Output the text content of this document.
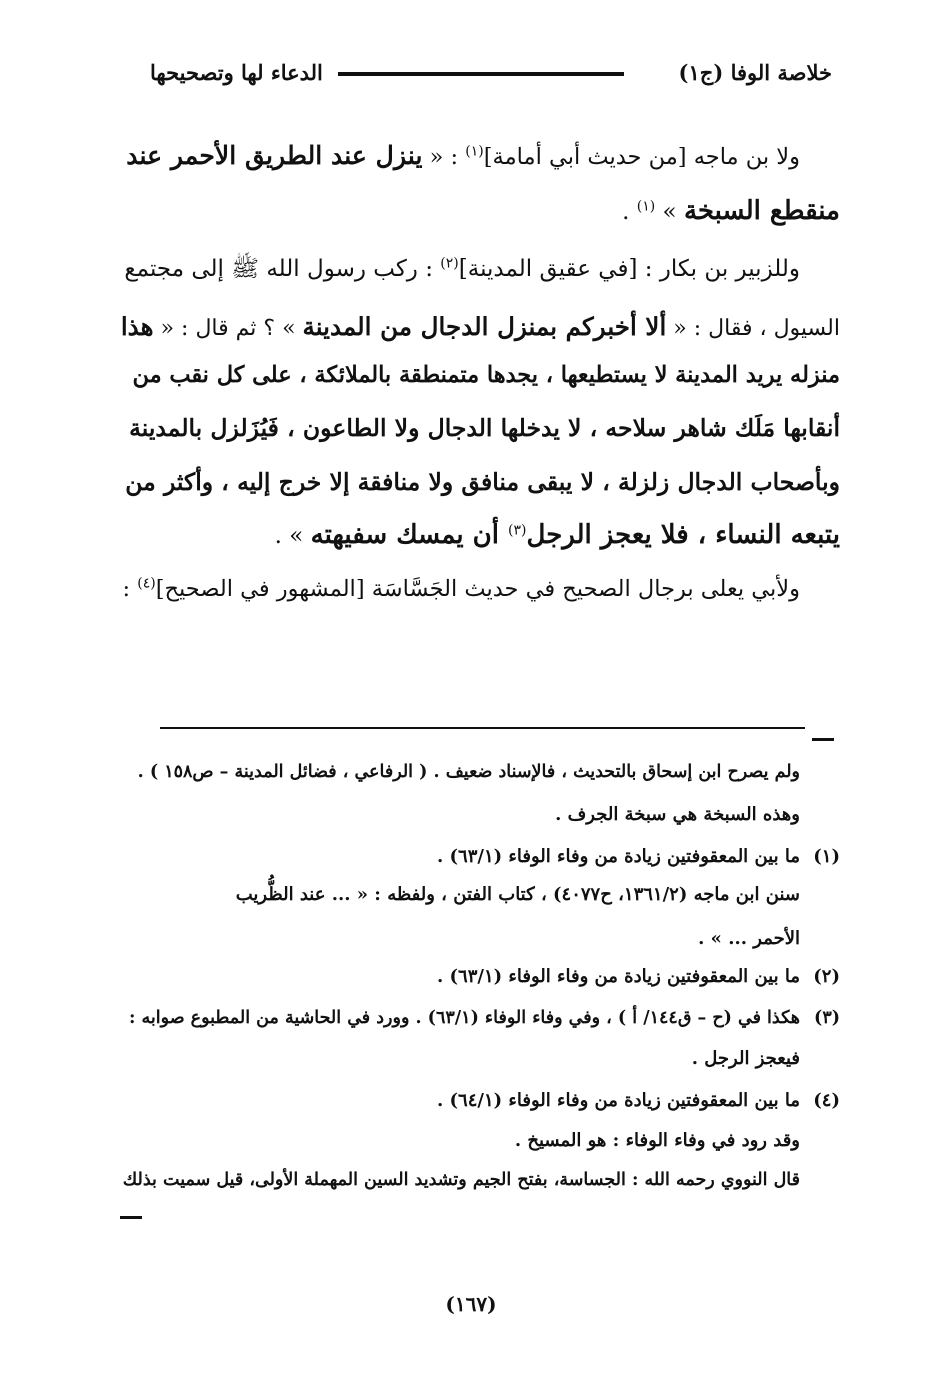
خلاصة الوفا (ج١)
الدعاء لها وتصحيحها
ولا بن ماجه [من حديث أبي أمامة]$^{(١)}$ : « ينزل عند الطريق الأحمر عند
منقطع السبخة » $^{(١)}$ .
وللزبير بن بكار : [في عقيق المدينة]$^{(٢)}$ : ركب رسول الله ﷺ إلى مجتمع
السيول ، فقال : « ألا أخبركم بمنزل الدجال من المدينة » ؟ ثم قال : « هذا
منزله يريد المدينة لا يستطيعها ، يجدها متمنطقة بالملائكة ، على كل نقب من
أنقابها مَلَك شاهر سلاحه ، لا يدخلها الدجال ولا الطاعون ، فَيُزَلزل بالمدينة
وبأصحاب الدجال زلزلة ، لا يبقى منافق ولا منافقة إلا خرج إليه ، وأكثر من
يتبعه النساء ، فلا يعجز الرجل$^{(٣)}$ أن يمسك سفيهته » .
ولأبي يعلى برجال الصحيح في حديث الجَسَّاسَة [المشهور في الصحيح]$^{(٤)}$ :
ولم يصرح ابن إسحاق بالتحديث ، فالإسناد ضعيف . ( الرفاعي ، فضائل المدينة – ص١٥٨ ) .
وهذه السبخة هي سبخة الجرف .
(١)ما بين المعقوفتين زيادة من وفاء الوفاء (٦٣/١) .
سنن ابن ماجه (١٣٦١/٢، ح٤٠٧٧) ، كتاب الفتن ، ولفظه : « ... عند الظُّريب
الأحمر ... » .
(٢)ما بين المعقوفتين زيادة من وفاء الوفاء (٦٣/١) .
(٣)هكذا في (ح – ق١٤٤/ أ ) ، وفي وفاء الوفاء (٦٣/١) . وورد في الحاشية من المطبوع صوابه :
فيعجز الرجل .
(٤)ما بين المعقوفتين زيادة من وفاء الوفاء (٦٤/١) .
وقد رود في وفاء الوفاء : هو المسيخ .
قال النووي رحمه الله : الجساسة، بفتح الجيم وتشديد السين المهملة الأولى، قيل سميت بذلك
(١٦٧)
